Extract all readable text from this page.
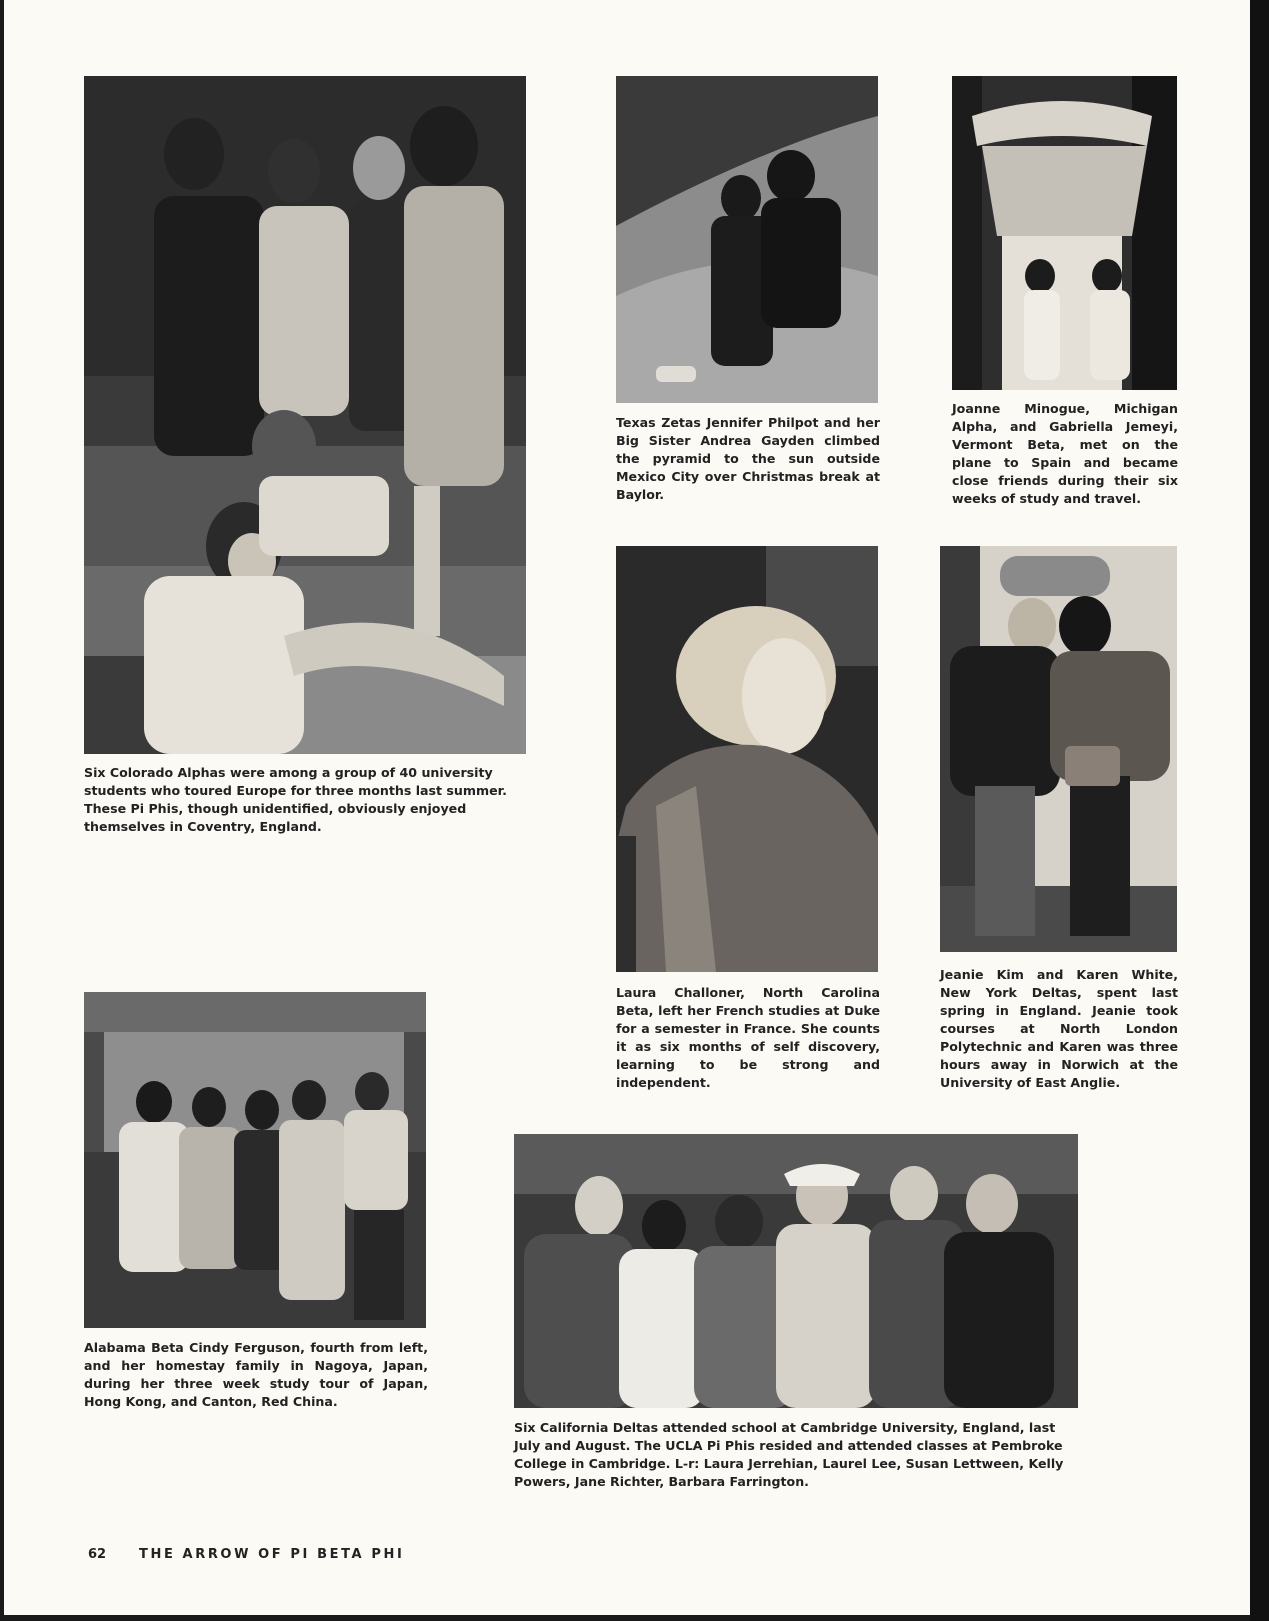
Six Colorado Alphas were among a group of 40 university students who toured Europe for three months last summer. These Pi Phis, though unidentified, obviously enjoyed themselves in Coventry, England.

Texas Zetas Jennifer Philpot and her Big Sister Andrea Gayden climbed the pyramid to the sun outside Mexico City over Christmas break at Baylor.

Joanne Minogue, Michigan Alpha, and Gabriella Jemeyi, Vermont Beta, met on the plane to Spain and became close friends during their six weeks of study and travel.

Laura Challoner, North Carolina Beta, left her French studies at Duke for a semester in France. She counts it as six months of self discovery, learning to be strong and independent.

Jeanie Kim and Karen White, New York Deltas, spent last spring in England. Jeanie took courses at North London Polytechnic and Karen was three hours away in Norwich at the University of East Anglie.

Alabama Beta Cindy Ferguson, fourth from left, and her homestay family in Nagoya, Japan, during her three week study tour of Japan, Hong Kong, and Canton, Red China.

Six California Deltas attended school at Cambridge University, England, last July and August. The UCLA Pi Phis resided and attended classes at Pembroke College in Cambridge. L-r: Laura Jerrehian, Laurel Lee, Susan Lettween, Kelly Powers, Jane Richter, Barbara Farrington.

62	THE ARROW OF PI BETA PHI
